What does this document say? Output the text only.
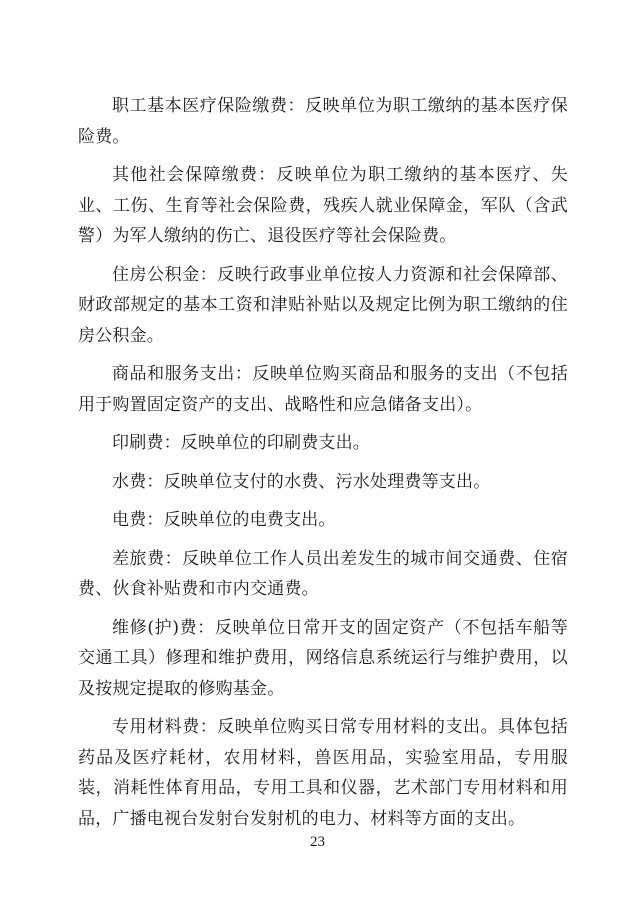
职工基本医疗保险缴费：反映单位为职工缴纳的基本医疗保险费。

其他社会保障缴费：反映单位为职工缴纳的基本医疗、失业、工伤、生育等社会保险费，残疾人就业保障金，军队（含武警）为军人缴纳的伤亡、退役医疗等社会保险费。

住房公积金：反映行政事业单位按人力资源和社会保障部、财政部规定的基本工资和津贴补贴以及规定比例为职工缴纳的住房公积金。

商品和服务支出：反映单位购买商品和服务的支出（不包括用于购置固定资产的支出、战略性和应急储备支出）。

印刷费：反映单位的印刷费支出。

水费：反映单位支付的水费、污水处理费等支出。

电费：反映单位的电费支出。

差旅费：反映单位工作人员出差发生的城市间交通费、住宿费、伙食补贴费和市内交通费。

维修(护)费：反映单位日常开支的固定资产（不包括车船等交通工具）修理和维护费用，网络信息系统运行与维护费用，以及按规定提取的修购基金。

专用材料费：反映单位购买日常专用材料的支出。具体包括药品及医疗耗材，农用材料，兽医用品，实验室用品，专用服装，消耗性体育用品，专用工具和仪器，艺术部门专用材料和用品，广播电视台发射台发射机的电力、材料等方面的支出。

23
